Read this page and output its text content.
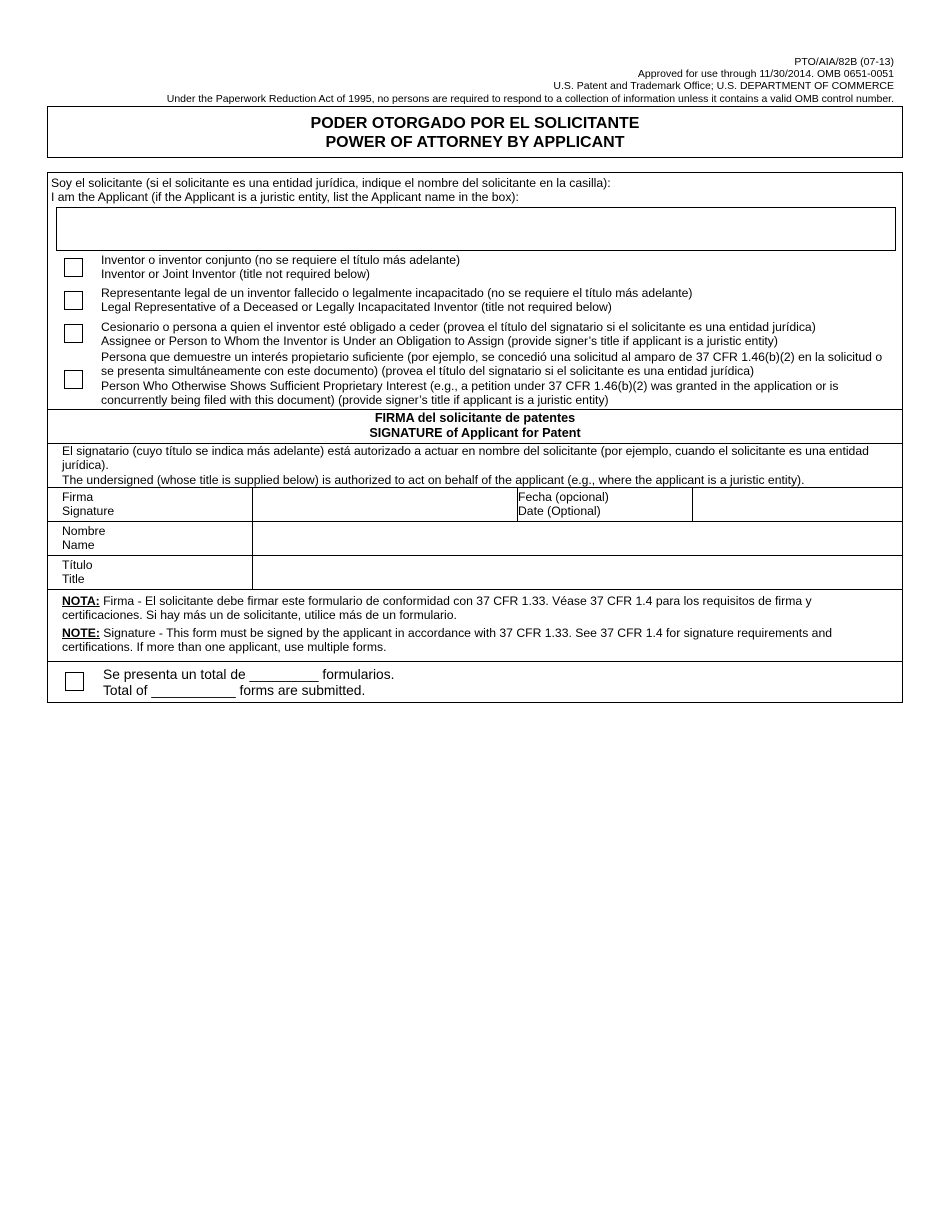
PTO/AIA/82B (07-13)
Approved for use through 11/30/2014. OMB 0651-0051
U.S. Patent and Trademark Office; U.S. DEPARTMENT OF COMMERCE
Under the Paperwork Reduction Act of 1995, no persons are required to respond to a collection of information unless it contains a valid OMB control number.
PODER OTORGADO POR EL SOLICITANTE
POWER OF ATTORNEY BY APPLICANT
Soy el solicitante (si el solicitante es una entidad jurídica, indique el nombre del solicitante en la casilla):
I am the Applicant (if the Applicant is a juristic entity, list the Applicant name in the box):
Inventor o inventor conjunto (no se requiere el título más adelante)
Inventor or Joint Inventor (title not required below)
Representante legal de un inventor fallecido o legalmente incapacitado (no se requiere el título más adelante)
Legal Representative of a Deceased or Legally Incapacitated Inventor (title not required below)
Cesionario o persona a quien el inventor esté obligado a ceder (provea el título del signatario si el solicitante es una entidad jurídica)
Assignee or Person to Whom the Inventor is Under an Obligation to Assign (provide signer’s title if applicant is a juristic entity)
Persona que demuestre un interés propietario suficiente (por ejemplo, se concedió una solicitud al amparo de 37 CFR 1.46(b)(2) en la solicitud o
se presenta simultáneamente con este documento) (provea el título del signatario si el solicitante es una entidad jurídica)
Person Who Otherwise Shows Sufficient Proprietary Interest (e.g., a petition under 37 CFR 1.46(b)(2) was granted in the application or is
concurrently being filed with this document) (provide signer’s title if applicant is a juristic entity)
FIRMA del solicitante de patentes
SIGNATURE of Applicant for Patent
El signatario (cuyo título se indica más adelante) está autorizado a actuar en nombre del solicitante (por ejemplo, cuando el solicitante es una entidad
jurídica).
The undersigned (whose title is supplied below) is authorized to act on behalf of the applicant (e.g., where the applicant is a juristic entity).
Firma
Signature
Fecha (opcional)
Date (Optional)
Nombre
Name
Título
Title
NOTA: Firma - El solicitante debe firmar este formulario de conformidad con 37 CFR 1.33. Véase 37 CFR 1.4 para los requisitos de firma y
certificaciones. Si hay más un de solicitante, utilice más de un formulario.
NOTE: Signature - This form must be signed by the applicant in accordance with 37 CFR 1.33. See 37 CFR 1.4 for signature requirements and
certifications. If more than one applicant, use multiple forms.
Se presenta un total de _________ formularios.
Total of ___________ forms are submitted.
